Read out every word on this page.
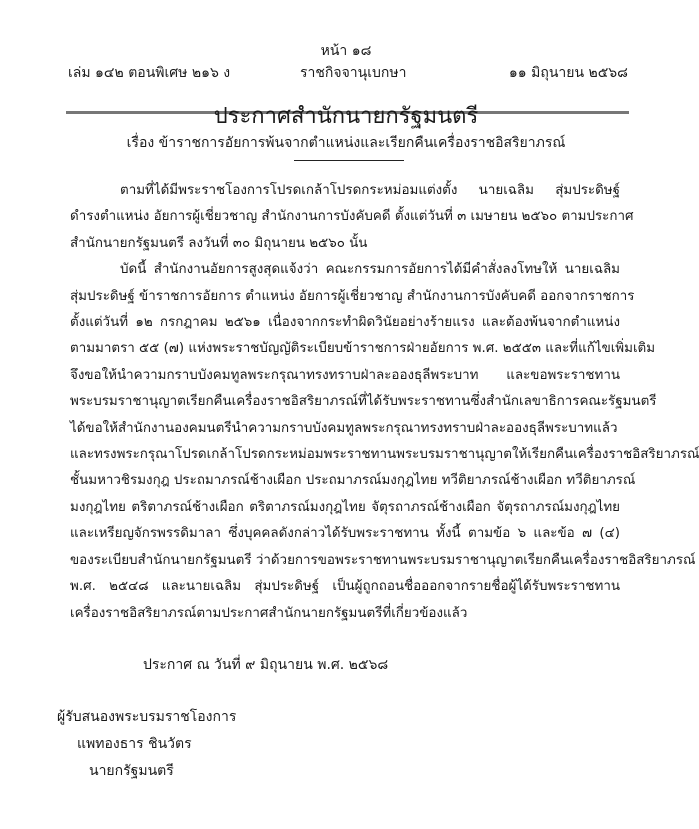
หน้า ๑๘
เล่ม ๑๔๒ ตอนพิเศษ ๒๑๖ ง	ราชกิจจานุเบกษา	๑๑ มิถุนายน ๒๕๖๘
ประกาศสำนักนายกรัฐมนตรี
เรื่อง ข้าราชการอัยการพ้นจากตำแหน่งและเรียกคืนเครื่องราชอิสริยาภรณ์
ตามที่ได้มีพระราชโองการโปรดเกล้าโปรดกระหม่อมแต่งตั้ง นายเฉลิม สุ่มประดิษฐ์
ดำรงตำแหน่ง อัยการผู้เชี่ยวชาญ สำนักงานการบังคับคดี ตั้งแต่วันที่ ๓ เมษายน ๒๕๖๐ ตามประกาศ
สำนักนายกรัฐมนตรี ลงวันที่ ๓๐ มิถุนายน ๒๕๖๐ นั้น
บัดนี้ สำนักงานอัยการสูงสุดแจ้งว่า คณะกรรมการอัยการได้มีคำสั่งลงโทษให้ นายเฉลิม
สุ่มประดิษฐ์ ข้าราชการอัยการ ตำแหน่ง อัยการผู้เชี่ยวชาญ สำนักงานการบังคับคดี ออกจากราชการ
ตั้งแต่วันที่ ๑๒ กรกฎาคม ๒๕๖๑ เนื่องจากกระทำผิดวินัยอย่างร้ายแรง และต้องพ้นจากตำแหน่ง
ตามมาตรา ๕๕ (๗) แห่งพระราชบัญญัติระเบียบข้าราชการฝ่ายอัยการ พ.ศ. ๒๕๕๓ และที่แก้ไขเพิ่มเติม
จึงขอให้นำความกราบบังคมทูลพระกรุณาทรงทราบฝ่าละอองธุลีพระบาท และขอพระราชทาน
พระบรมราชานุญาตเรียกคืนเครื่องราชอิสริยาภรณ์ที่ได้รับพระราชทานซึ่งสำนักเลขาธิการคณะรัฐมนตรี
ได้ขอให้สำนักงานองคมนตรีนำความกราบบังคมทูลพระกรุณาทรงทราบฝ่าละอองธุลีพระบาทแล้ว
และทรงพระกรุณาโปรดเกล้าโปรดกระหม่อมพระราชทานพระบรมราชานุญาตให้เรียกคืนเครื่องราชอิสริยาภรณ์
ชั้นมหาวชิรมงกุฎ ประถมาภรณ์ช้างเผือก ประถมาภรณ์มงกุฎไทย ทวีติยาภรณ์ช้างเผือก ทวีติยาภรณ์
มงกุฎไทย ตริตาภรณ์ช้างเผือก ตริตาภรณ์มงกุฎไทย จัตุรถาภรณ์ช้างเผือก จัตุรถาภรณ์มงกุฎไทย
และเหรียญจักรพรรดิมาลา ซึ่งบุคคลดังกล่าวได้รับพระราชทาน ทั้งนี้ ตามข้อ ๖ และข้อ ๗ (๔)
ของระเบียบสำนักนายกรัฐมนตรี ว่าด้วยการขอพระราชทานพระบรมราชานุญาตเรียกคืนเครื่องราชอิสริยาภรณ์
พ.ศ. ๒๕๔๘ และนายเฉลิม สุ่มประดิษฐ์ เป็นผู้ถูกถอนชื่อออกจากรายชื่อผู้ได้รับพระราชทาน
เครื่องราชอิสริยาภรณ์ตามประกาศสำนักนายกรัฐมนตรีที่เกี่ยวข้องแล้ว
ประกาศ ณ วันที่ ๙ มิถุนายน พ.ศ. ๒๕๖๘
ผู้รับสนองพระบรมราชโองการ
แพทองธาร ชินวัตร
นายกรัฐมนตรี
